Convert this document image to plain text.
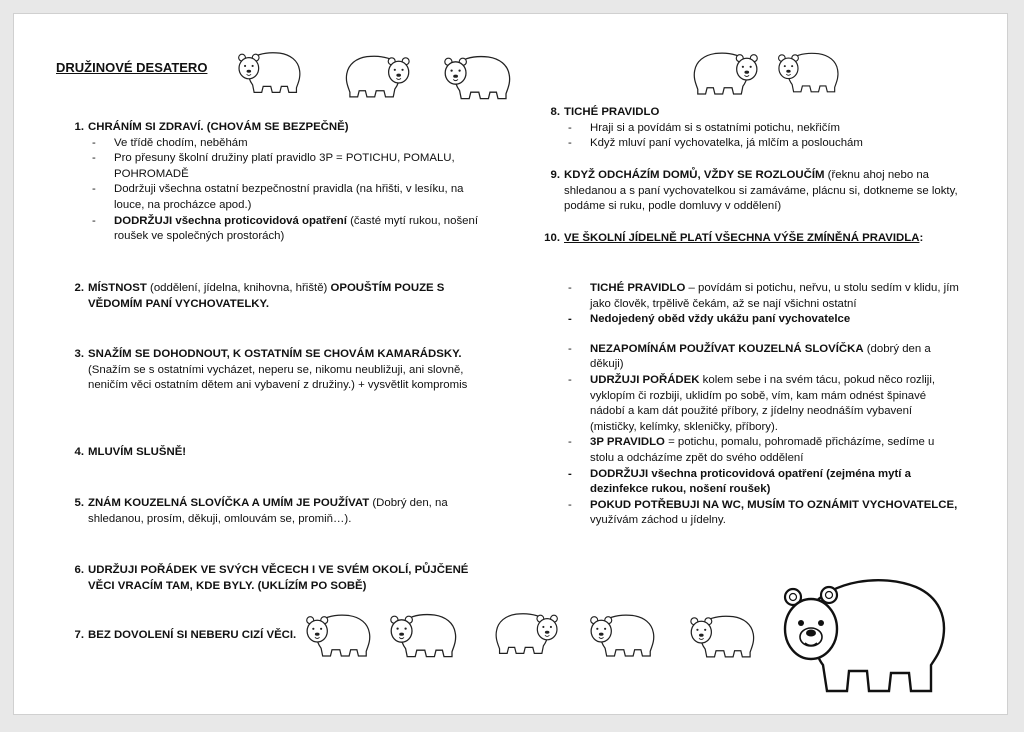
DRUŽINOVÉ DESATERO
1. CHRÁNÍM SI ZDRAVÍ. (CHOVÁM SE BEZPEČNĚ)
- Ve třídě chodím, neběhám
- Pro přesuny školní družiny platí pravidlo 3P = POTICHU, POMALU, POHROMADĚ
- Dodržuji všechna ostatní bezpečnostní pravidla (na hřišti, v lesíku, na louce, na procházce apod.)
- DODRŽUJI všechna proticovidová opatření (časté mytí rukou, nošení roušek ve společných prostorách)
2. MÍSTNOST (oddělení, jídelna, knihovna, hřiště) OPOUŠTÍM POUZE S VĚDOMÍM PANÍ VYCHOVATELKY.
3. SNAŽÍM SE DOHODNOUT, K OSTATNÍM SE CHOVÁM KAMARÁDSKY.
(Snažím se s ostatními vycházet, neperu se, nikomu neubližuji, ani slovně, neničím věci ostatním dětem ani vybavení z družiny.) + vysvětlit kompromis
4. MLUVÍM SLUŠNĚ!
5. ZNÁM KOUZELNÁ SLOVÍČKA A UMÍM JE POUŽÍVAT (Dobrý den, na shledanou, prosím, děkuji, omlouvám se, promiň…).
6. UDRŽUJI POŘÁDEK VE SVÝCH VĚCECH I VE SVÉM OKOLÍ, PŮJČENÉ VĚCI VRACÍM TAM, KDE BYLY. (UKLÍZÍM PO SOBĚ)
7. BEZ DOVOLENÍ SI NEBERU CIZÍ VĚCI.
8. TICHÉ PRAVIDLO
- Hraji si a povídám si s ostatními potichu, nekřičím
- Když mluví paní vychovatelka, já mlčím a poslouchám
9. KDYŽ ODCHÁZÍM DOMŮ, VŽDY SE ROZLOUČÍM (řeknu ahoj nebo na shledanou a s paní vychovatelkou si zamáváme, plácnu si, dotkneme se lokty, podáme si ruku, podle domluvy v oddělení)
10. VE ŠKOLNÍ JÍDELNĚ PLATÍ VŠECHNA VÝŠE ZMÍNĚNÁ PRAVIDLA:
- TICHÉ PRAVIDLO – povídám si potichu, neřvu, u stolu sedím v klidu, jím jako člověk, trpělivě čekám, až se nají všichni ostatní
- Nedojedený oběd vždy ukážu paní vychovatelce
- NEZAPOMÍNÁM POUŽÍVAT KOUZELNÁ SLOVÍČKA (dobrý den a děkuji)
- UDRŽUJI POŘÁDEK kolem sebe i na svém tácu, pokud něco rozliji, vyklopím či rozbiji, uklidím po sobě, vím, kam mám odnést špinavé nádobí a kam dát použité příbory, z jídelny neodnáším vybavení (mističky, kelímky, skleničky, příbory).
- 3P PRAVIDLO = potichu, pomalu, pohromadě přicházíme, sedíme u stolu a odcházíme zpět do svého oddělení
- DODRŽUJI všechna proticovidová opatření (zejména mytí a dezinfekce rukou, nošení roušek)
- POKUD POTŘEBUJI NA WC, MUSÍM TO OZNÁMIT VYCHOVATELCE, využívám záchod u jídelny.
